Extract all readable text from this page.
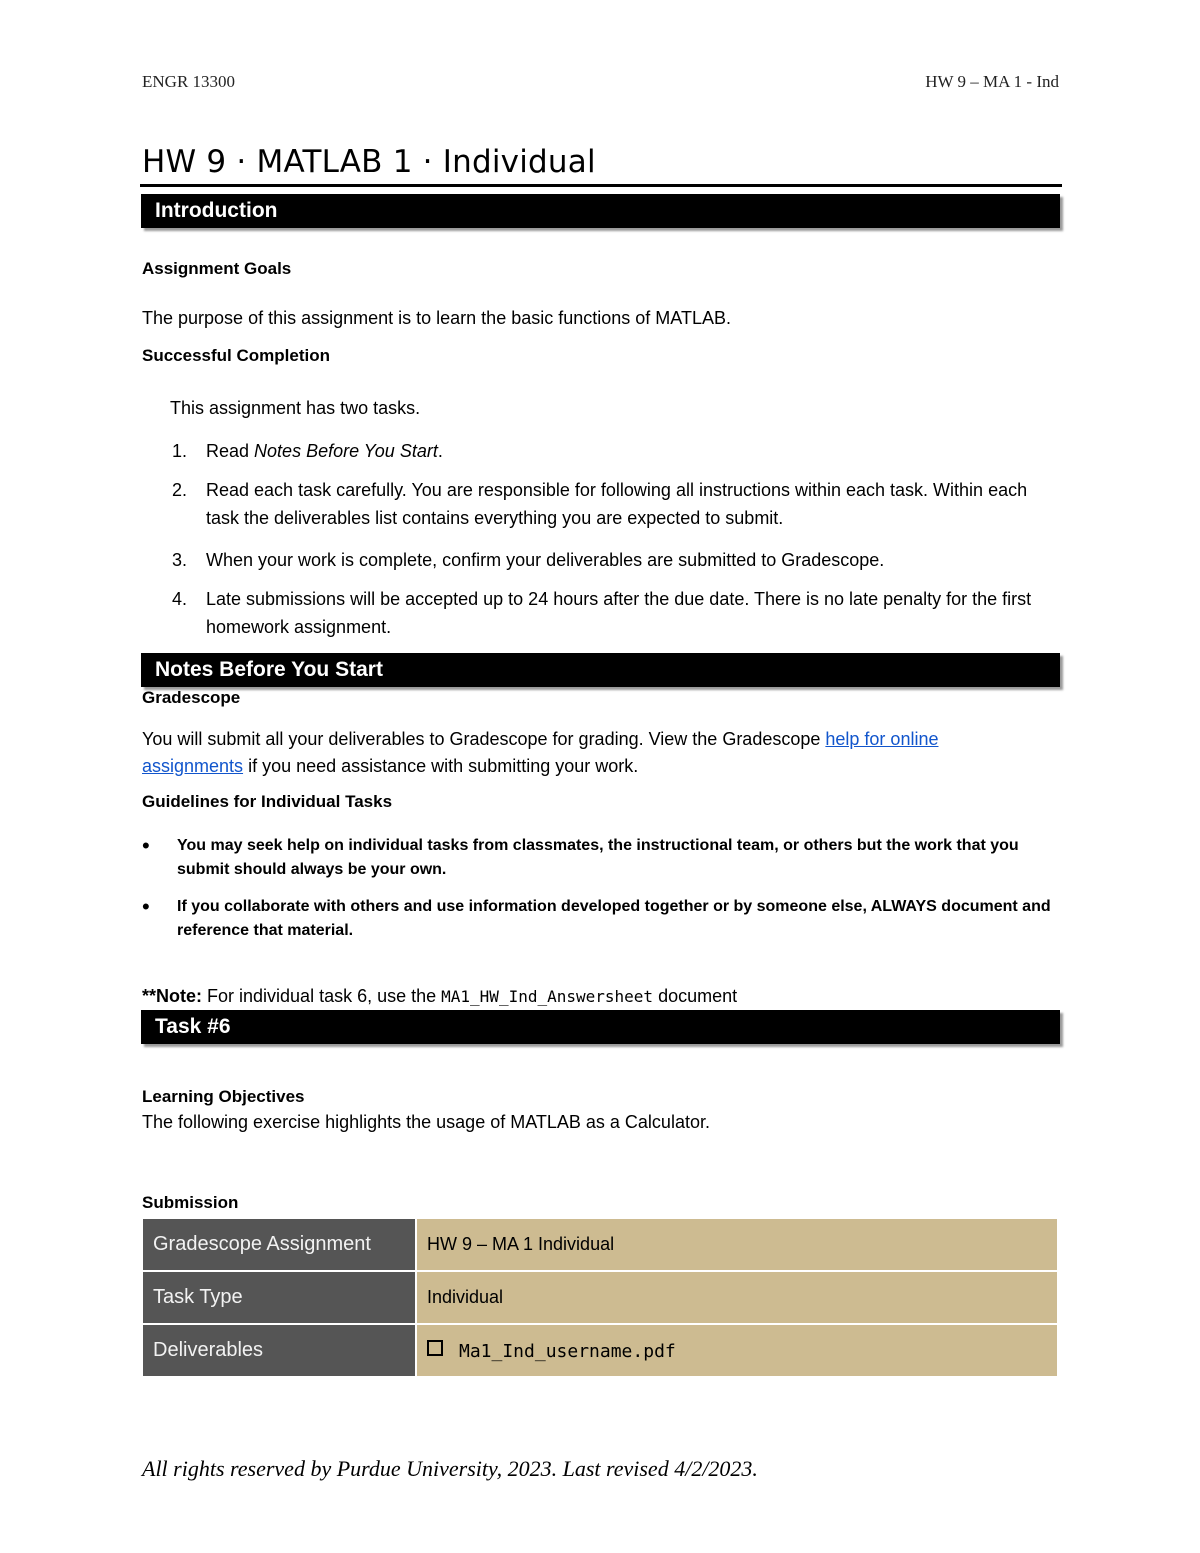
ENGR 13300	HW 9 – MA 1 - Ind
HW 9 · MATLAB 1 · Individual
Introduction
Assignment Goals
The purpose of this assignment is to learn the basic functions of MATLAB.
Successful Completion
This assignment has two tasks.
1. Read Notes Before You Start.
2. Read each task carefully. You are responsible for following all instructions within each task. Within each task the deliverables list contains everything you are expected to submit.
3. When your work is complete, confirm your deliverables are submitted to Gradescope.
4. Late submissions will be accepted up to 24 hours after the due date. There is no late penalty for the first homework assignment.
Notes Before You Start
Gradescope
You will submit all your deliverables to Gradescope for grading. View the Gradescope help for online assignments if you need assistance with submitting your work.
Guidelines for Individual Tasks
• You may seek help on individual tasks from classmates, the instructional team, or others but the work that you submit should always be your own.
• If you collaborate with others and use information developed together or by someone else, ALWAYS document and reference that material.
**Note: For individual task 6, use the MA1_HW_Ind_Answersheet document
Task #6
Learning Objectives
The following exercise highlights the usage of MATLAB as a Calculator.
Submission
Gradescope Assignment	HW 9 – MA 1 Individual
Task Type	Individual
Deliverables	Ma1_Ind_username.pdf
All rights reserved by Purdue University, 2023. Last revised 4/2/2023.
